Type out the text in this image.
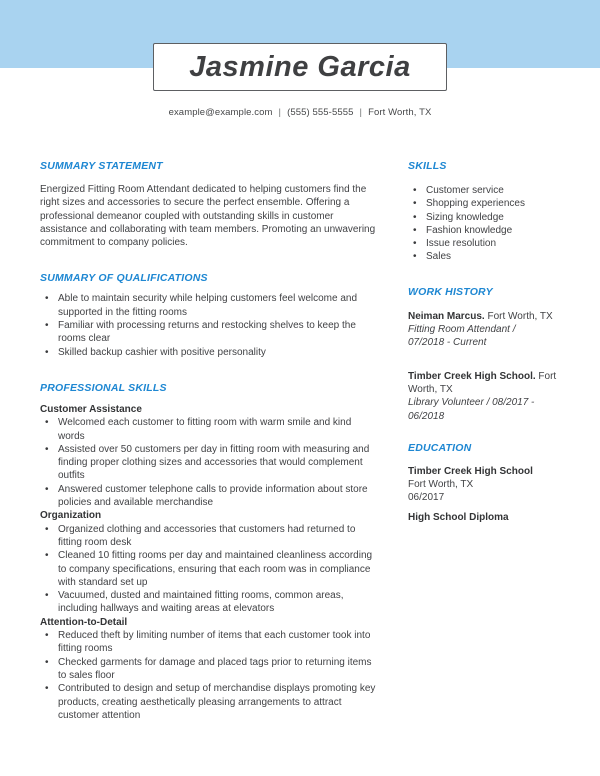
Jasmine Garcia
example@example.com | (555) 555-5555 | Fort Worth, TX
SUMMARY STATEMENT

Energized Fitting Room Attendant dedicated to helping customers find the right sizes and accessories to secure the perfect ensemble. Offering a professional demeanor coupled with outstanding skills in customer assistance and collaborating with team members. Promoting an unwavering commitment to company policies.

SUMMARY OF QUALIFICATIONS
• Able to maintain security while helping customers feel welcome and supported in the fitting rooms
• Familiar with processing returns and restocking shelves to keep the rooms clear
• Skilled backup cashier with positive personality
PROFESSIONAL SKILLS
Customer Assistance
• Welcomed each customer to fitting room with warm smile and kind words
• Assisted over 50 customers per day in fitting room with measuring and finding proper clothing sizes and accessories that would complement outfits
• Answered customer telephone calls to provide information about store policies and available merchandise
Organization
• Organized clothing and accessories that customers had returned to fitting room desk
• Cleaned 10 fitting rooms per day and maintained cleanliness according to company specifications, ensuring that each room was in compliance with standard set up
• Vacuumed, dusted and maintained fitting rooms, common areas, including hallways and waiting areas at elevators
Attention-to-Detail
• Reduced theft by limiting number of items that each customer took into fitting rooms
• Checked garments for damage and placed tags prior to returning items to sales floor
• Contributed to design and setup of merchandise displays promoting key products, creating aesthetically pleasing arrangements to attract customer attention
SKILLS
• Customer service
• Shopping experiences
• Sizing knowledge
• Fashion knowledge
• Issue resolution
• Sales
WORK HISTORY
Neiman Marcus. Fort Worth, TX
Fitting Room Attendant / 07/2018 - Current
Timber Creek High School. Fort Worth, TX
Library Volunteer / 08/2017 - 06/2018
EDUCATION
Timber Creek High School
Fort Worth, TX
06/2017
High School Diploma
